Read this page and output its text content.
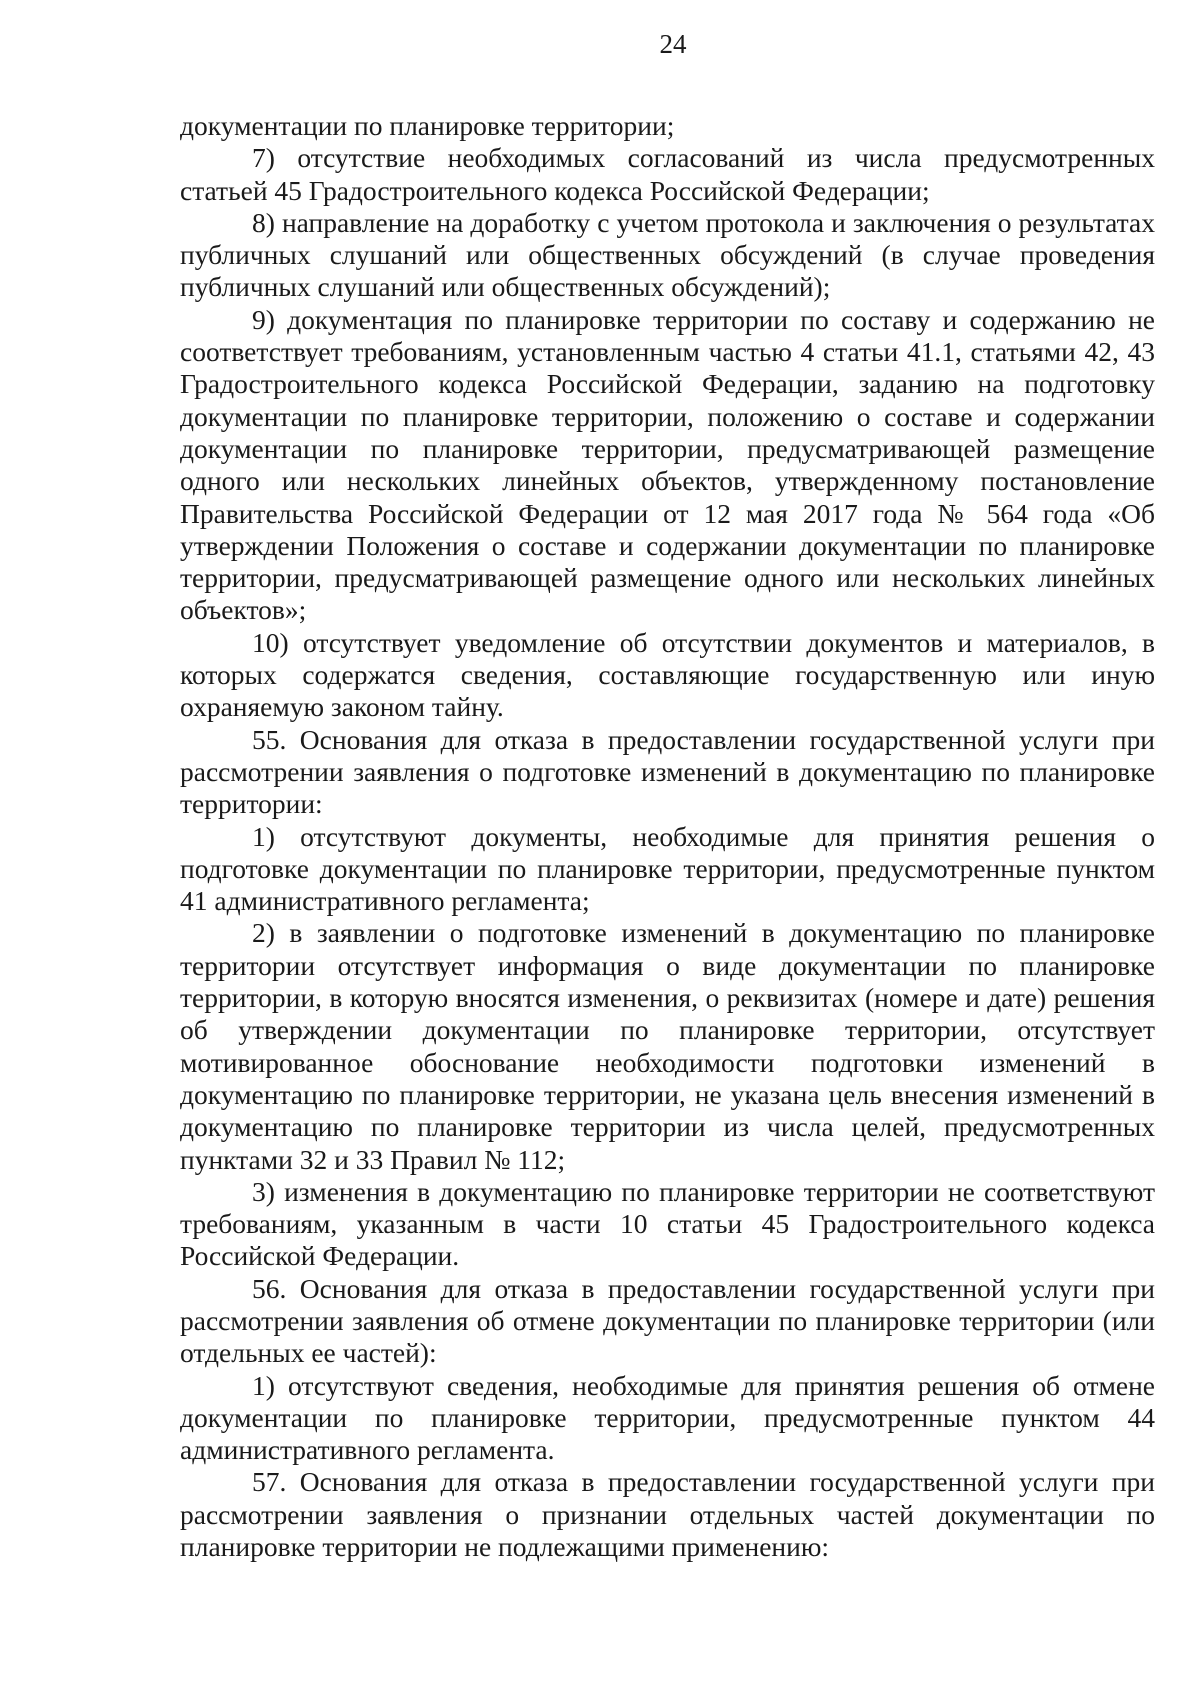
24

документации по планировке территории;

7) отсутствие необходимых согласований из числа предусмотренных статьей 45 Градостроительного кодекса Российской Федерации;

8) направление на доработку с учетом протокола и заключения о результатах публичных слушаний или общественных обсуждений (в случае проведения публичных слушаний или общественных обсуждений);

9) документация по планировке территории по составу и содержанию не соответствует требованиям, установленным частью 4 статьи 41.1, статьями 42, 43 Градостроительного кодекса Российской Федерации, заданию на подготовку документации по планировке территории, положению о составе и содержании документации по планировке территории, предусматривающей размещение одного или нескольких линейных объектов, утвержденному постановление Правительства Российской Федерации от 12 мая 2017 года № 564 года «Об утверждении Положения о составе и содержании документации по планировке территории, предусматривающей размещение одного или нескольких линейных объектов»;

10) отсутствует уведомление об отсутствии документов и материалов, в которых содержатся сведения, составляющие государственную или иную охраняемую законом тайну.

55. Основания для отказа в предоставлении государственной услуги при рассмотрении заявления о подготовке изменений в документацию по планировке территории:

1) отсутствуют документы, необходимые для принятия решения о подготовке документации по планировке территории, предусмотренные пунктом 41 административного регламента;

2) в заявлении о подготовке изменений в документацию по планировке территории отсутствует информация о виде документации по планировке территории, в которую вносятся изменения, о реквизитах (номере и дате) решения об утверждении документации по планировке территории, отсутствует мотивированное обоснование необходимости подготовки изменений в документацию по планировке территории, не указана цель внесения изменений в документацию по планировке территории из числа целей, предусмотренных пунктами 32 и 33 Правил № 112;

3) изменения в документацию по планировке территории не соответствуют требованиям, указанным в части 10 статьи 45 Градостроительного кодекса Российской Федерации.

56. Основания для отказа в предоставлении государственной услуги при рассмотрении заявления об отмене документации по планировке территории (или отдельных ее частей):

1) отсутствуют сведения, необходимые для принятия решения об отмене документации по планировке территории, предусмотренные пунктом 44 административного регламента.

57. Основания для отказа в предоставлении государственной услуги при рассмотрении заявления о признании отдельных частей документации по планировке территории не подлежащими применению:
